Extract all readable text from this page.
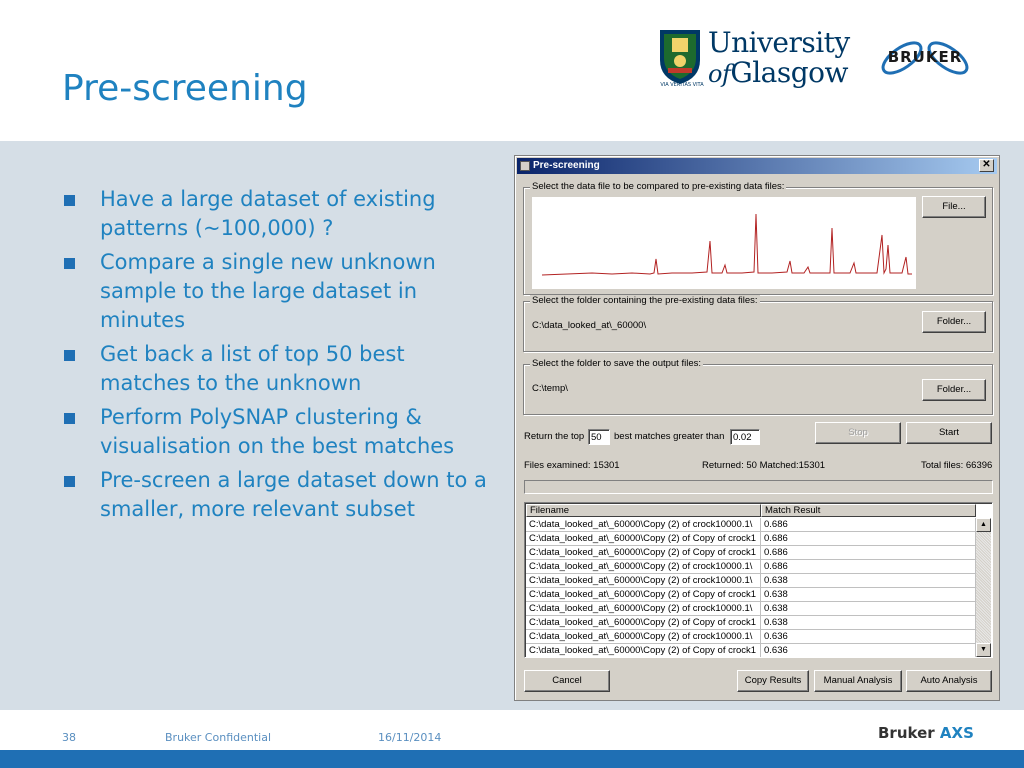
Pre-screening
University
ofGlasgow
VIA VERITAS VITA
BRUKER
Have a large dataset of existing patterns (~100,000) ?
Compare a single new unknown sample to the large dataset in minutes
Get back a list of top 50 best matches to the unknown
Perform PolySNAP clustering & visualisation on the best matches
Pre-screen a large dataset down to a smaller, more relevant subset
Pre-screening	✕
Select the data file to be compared to pre-existing data files:
File...
Select the folder containing the pre-existing data files:
C:\data_looked_at\_60000\	Folder...
Select the folder to save the output files:
C:\temp\	Folder...
Return the top
50	best matches greater than
0.02	Stop	Start
Files examined: 15301	Returned: 50 Matched:15301	Total files: 66396
Filename	Match Result
C:\data_looked_at\_60000\Copy (2) of crock10000.1\	0.686
C:\data_looked_at\_60000\Copy (2) of Copy of crock1 0.686
C:\data_looked_at\_60000\Copy (2) of Copy of crock1 0.686
C:\data_looked_at\_60000\Copy (2) of crock10000.1\	0.686
C:\data_looked_at\_60000\Copy (2) of crock10000.1\	0.638
C:\data_looked_at\_60000\Copy (2) of Copy of crock1 0.638
C:\data_looked_at\_60000\Copy (2) of crock10000.1\	0.638
C:\data_looked_at\_60000\Copy (2) of Copy of crock1 0.638
C:\data_looked_at\_60000\Copy (2) of crock10000.1\	0.636
C:\data_looked_at\_60000\Copy (2) of Copy of crock1 0.636
▲
▼
Cancel	Copy Results	Manual Analysis	Auto Analysis
38	Bruker Confidential	16/11/2014	Bruker AXS
